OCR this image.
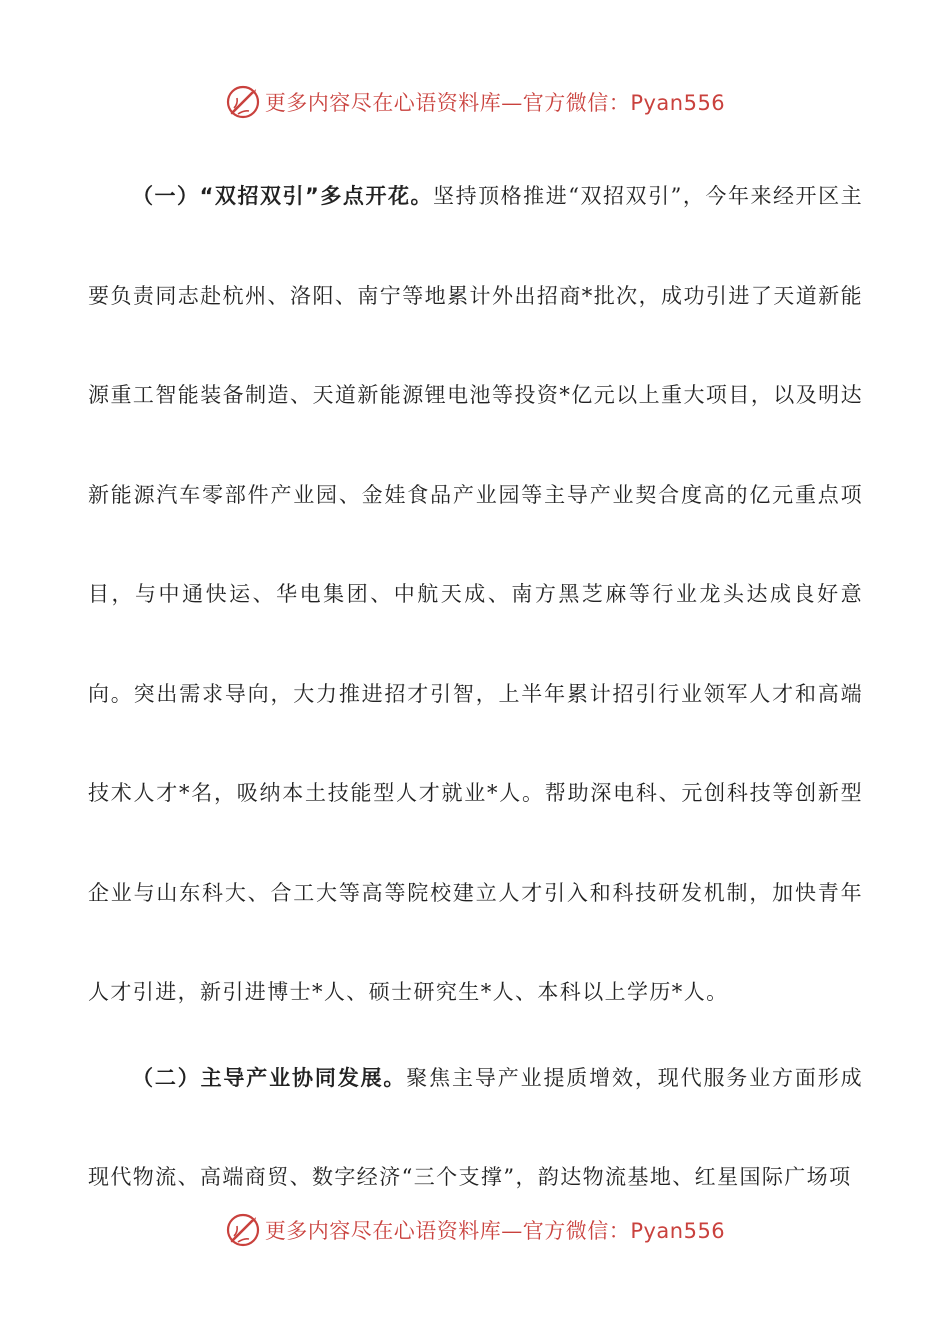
更多内容尽在心语资料库—官方微信：Pyan556

（一）“双招双引”多点开花。坚持顶格推进“双招双引”，今年来经开区主要负责同志赴杭州、洛阳、南宁等地累计外出招商*批次，成功引进了天道新能源重工智能装备制造、天道新能源锂电池等投资*亿元以上重大项目，以及明达新能源汽车零部件产业园、金娃食品产业园等主导产业契合度高的亿元重点项目，与中通快运、华电集团、中航天成、南方黑芝麻等行业龙头达成良好意向。突出需求导向，大力推进招才引智，上半年累计招引行业领军人才和高端技术人才*名，吸纳本土技能型人才就业*人。帮助深电科、元创科技等创新型企业与山东科大、合工大等高等院校建立人才引入和科技研发机制，加快青年人才引进，新引进博士*人、硕士研究生*人、本科以上学历*人。

（二）主导产业协同发展。聚焦主导产业提质增效，现代服务业方面形成现代物流、高端商贸、数字经济“三个支撑”，韵达物流基地、红星国际广场项

更多内容尽在心语资料库—官方微信：Pyan556
